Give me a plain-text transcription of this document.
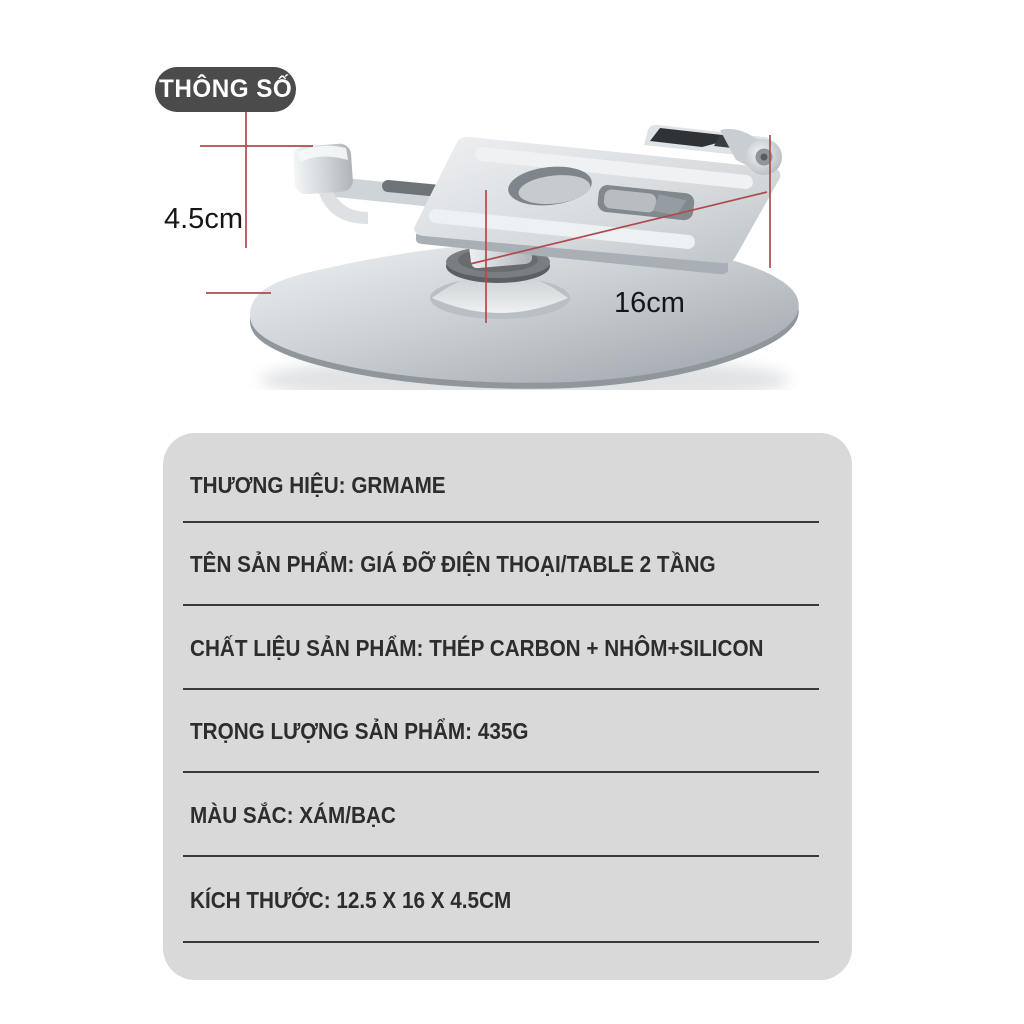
THÔNG SỐ
4.5cm
16cm
THƯƠNG HIỆU: GRMAME
TÊN SẢN PHẨM: GIÁ ĐỠ ĐIỆN THOẠI/TABLE 2 TẦNG
CHẤT LIỆU SẢN PHẨM: THÉP CARBON + NHÔM+SILICON
TRỌNG LƯỢNG SẢN PHẨM: 435G
MÀU SẮC: XÁM/BẠC
KÍCH THƯỚC: 12.5 X 16 X 4.5CM
